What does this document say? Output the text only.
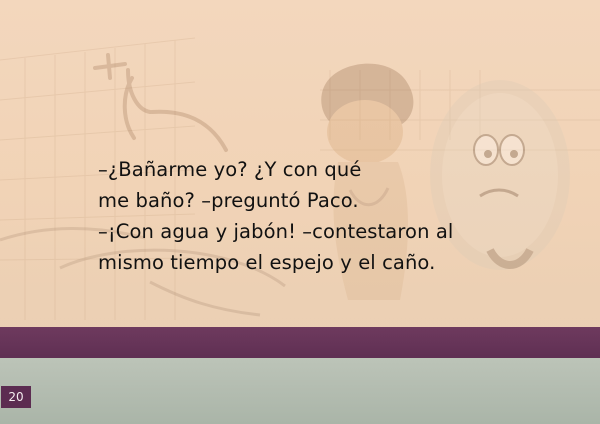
–¿Bañarme yo? ¿Y con qué
me baño? –preguntó Paco.
–¡Con agua y jabón! –contestaron al
mismo tiempo el espejo y el caño.
20
